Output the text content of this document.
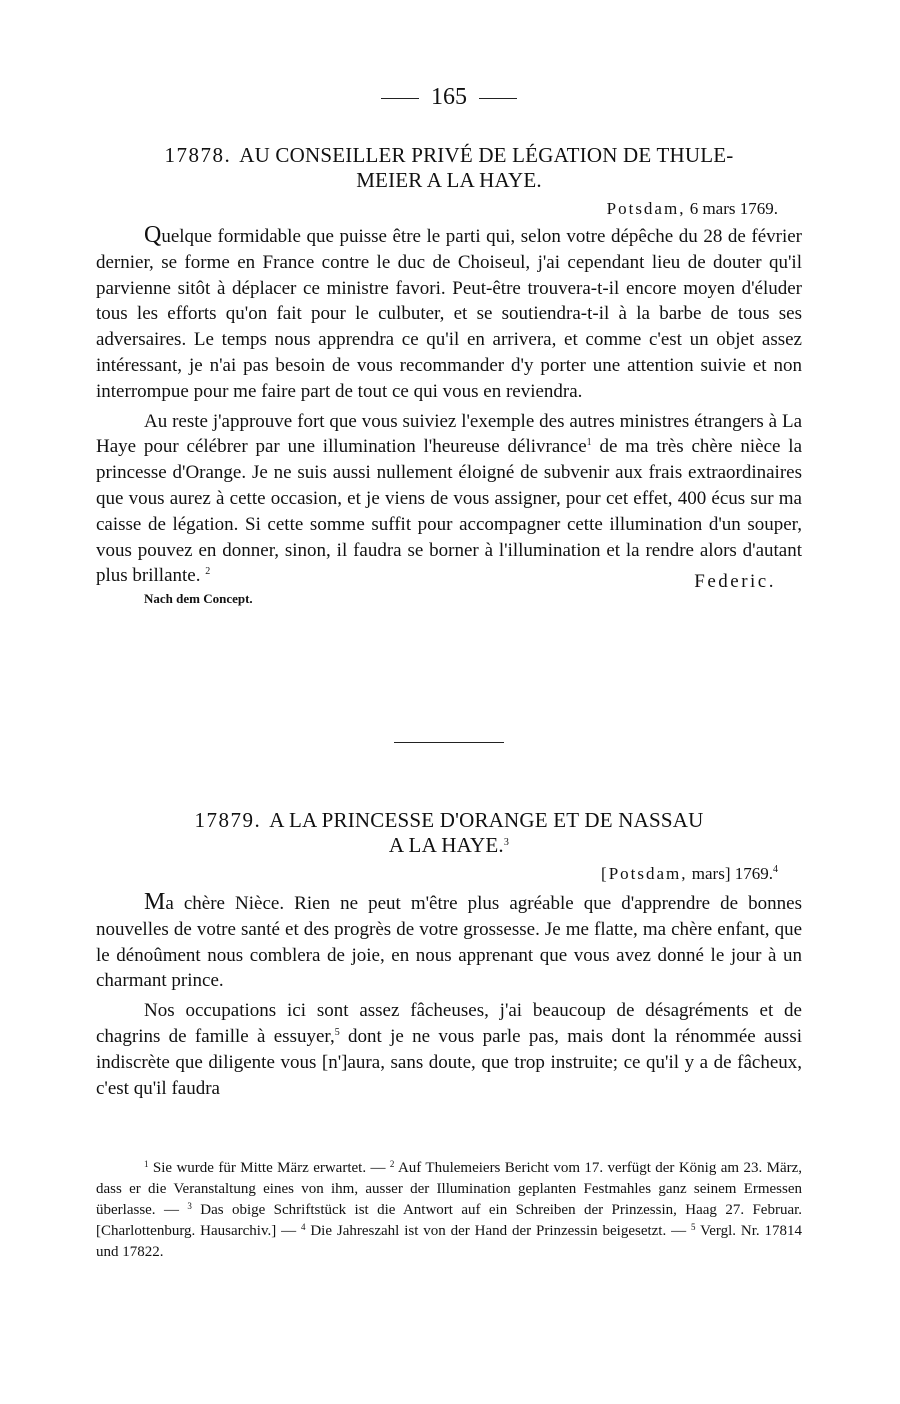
165
17878. AU CONSEILLER PRIVÉ DE LÉGATION DE THULE-
MEIER A LA HAYE.
Potsdam, 6 mars 1769.

Quelque formidable que puisse être le parti qui, selon votre dépêche du 28 de février dernier, se forme en France contre le duc de Choiseul, j'ai cependant lieu de douter qu'il parvienne sitôt à déplacer ce ministre favori. Peut-être trouvera-t-il encore moyen d'éluder tous les efforts qu'on fait pour le culbuter, et se soutiendra-t-il à la barbe de tous ses adversaires. Le temps nous apprendra ce qu'il en arrivera, et comme c'est un objet assez intéressant, je n'ai pas besoin de vous recommander d'y porter une attention suivie et non interrompue pour me faire part de tout ce qui vous en reviendra.

Au reste j'approuve fort que vous suiviez l'exemple des autres ministres étrangers à La Haye pour célébrer par une illumination l'heureuse délivrance$^1$ de ma très chère nièce la princesse d'Orange. Je ne suis aussi nullement éloigné de subvenir aux frais extraordinaires que vous aurez à cette occasion, et je viens de vous assigner, pour cet effet, 400 écus sur ma caisse de légation. Si cette somme suffit pour accompagner cette illumination d'un souper, vous pouvez en donner, sinon, il faudra se borner à l'illumination et la rendre alors d'autant plus brillante. $^2$	Federic.
Nach dem Concept.
17879. A LA PRINCESSE D'ORANGE ET DE NASSAU
A LA HAYE.$^3$
[Potsdam, mars] 1769.$^4$

Ma chère Nièce. Rien ne peut m'être plus agréable que d'apprendre de bonnes nouvelles de votre santé et des progrès de votre grossesse. Je me flatte, ma chère enfant, que le dénoûment nous comblera de joie, en nous apprenant que vous avez donné le jour à un charmant prince.

Nos occupations ici sont assez fâcheuses, j'ai beaucoup de désagréments et de chagrins de famille à essuyer,$^5$ dont je ne vous parle pas, mais dont la rénommée aussi indiscrète que diligente vous [n']aura, sans doute, que trop instruite; ce qu'il y a de fâcheux, c'est qu'il faudra

$^1$ Sie wurde für Mitte März erwartet. — $^2$ Auf Thulemeiers Bericht vom 17. verfügt der König am 23. März, dass er die Veranstaltung eines von ihm, ausser der Illumination geplanten Festmahles ganz seinem Ermessen überlasse. — $^3$ Das obige Schriftstück ist die Antwort auf ein Schreiben der Prinzessin, Haag 27. Februar. [Charlottenburg. Hausarchiv.] — $^4$ Die Jahreszahl ist von der Hand der Prinzessin beigesetzt. — $^5$ Vergl. Nr. 17814 und 17822.
